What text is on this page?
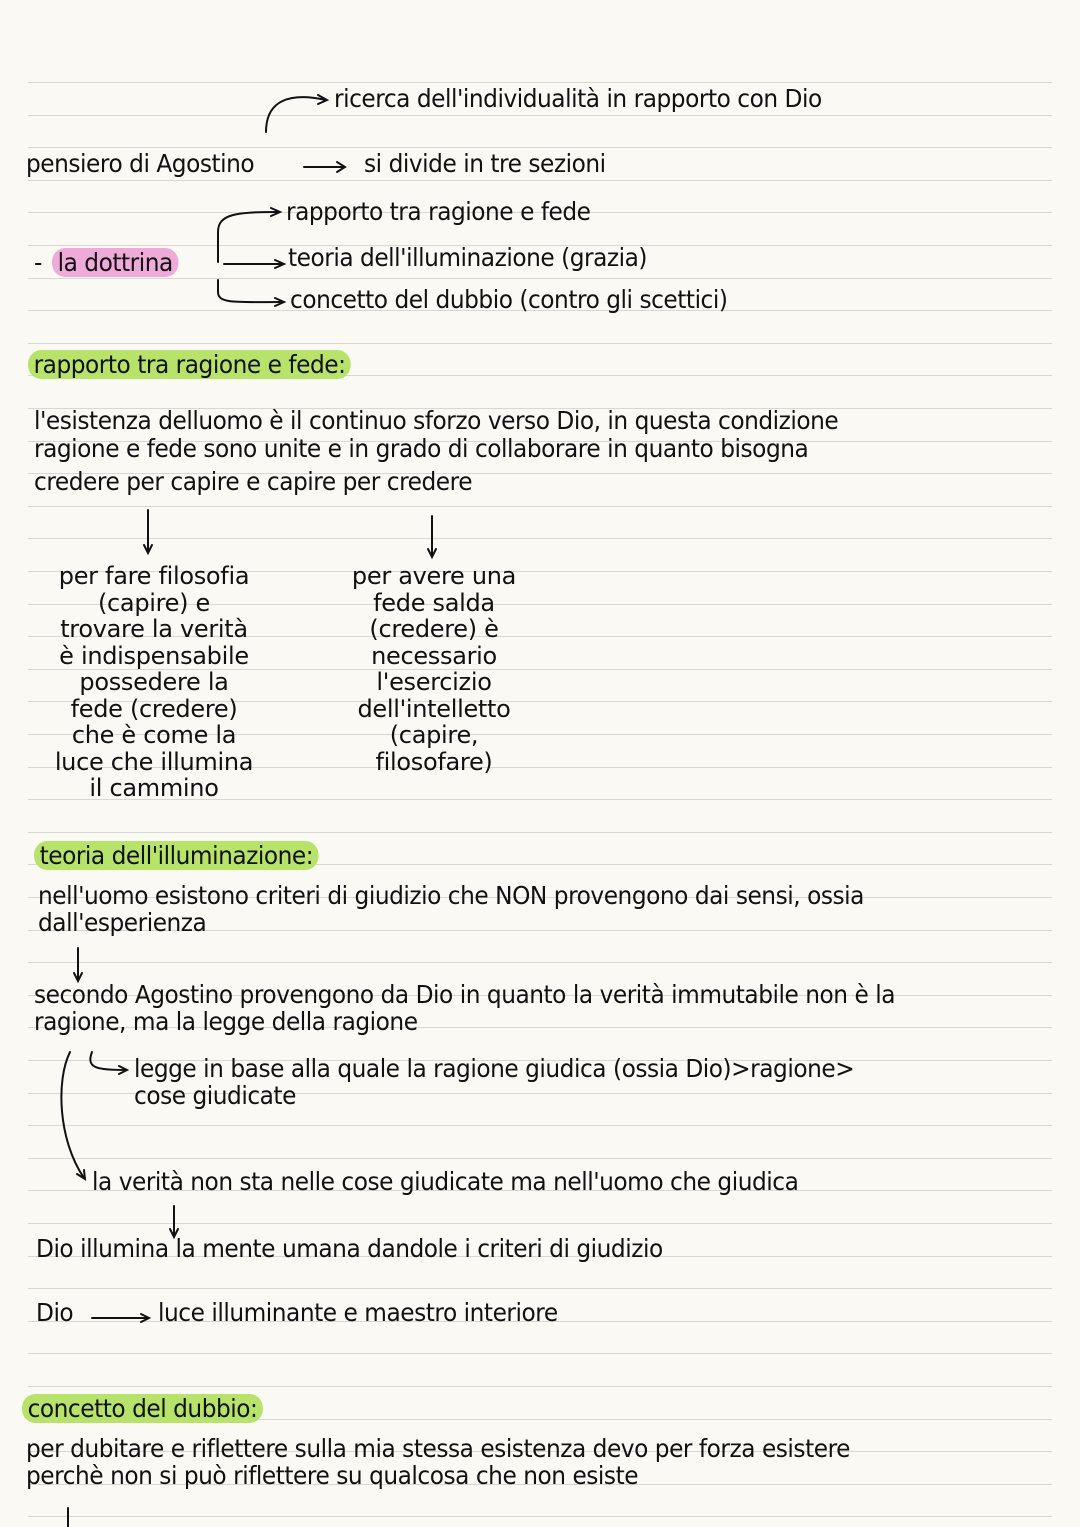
ricerca dell'individualità in rapporto con Dio
pensiero di Agostino	si divide in tre sezioni
- la dottrina
rapporto tra ragione e fede
teoria dell'illuminazione (grazia)
concetto del dubbio (contro gli scettici)
rapporto tra ragione e fede:
l'esistenza delluomo è il continuo sforzo verso Dio, in questa condizione
ragione e fede sono unite e in grado di collaborare in quanto bisogna
credere per capire e capire per credere
per fare filosofia
(capire) e
trovare la verità
è indispensabile
possedere la
fede (credere)
che è come la
luce che illumina
il cammino
per avere una
fede salda
(credere) è
necessario
l'esercizio
dell'intelletto
(capire,
filosofare)
teoria dell'illuminazione:
nell'uomo esistono criteri di giudizio che NON provengono dai sensi, ossia
dall'esperienza
secondo Agostino provengono da Dio in quanto la verità immutabile non è la
ragione, ma la legge della ragione
legge in base alla quale la ragione giudica (ossia Dio)>ragione>
cose giudicate
la verità non sta nelle cose giudicate ma nell'uomo che giudica
Dio illumina la mente umana dandole i criteri di giudizio
Dio	luce illuminante e maestro interiore
concetto del dubbio:
per dubitare e riflettere sulla mia stessa esistenza devo per forza esistere
perchè non si può riflettere su qualcosa che non esiste
